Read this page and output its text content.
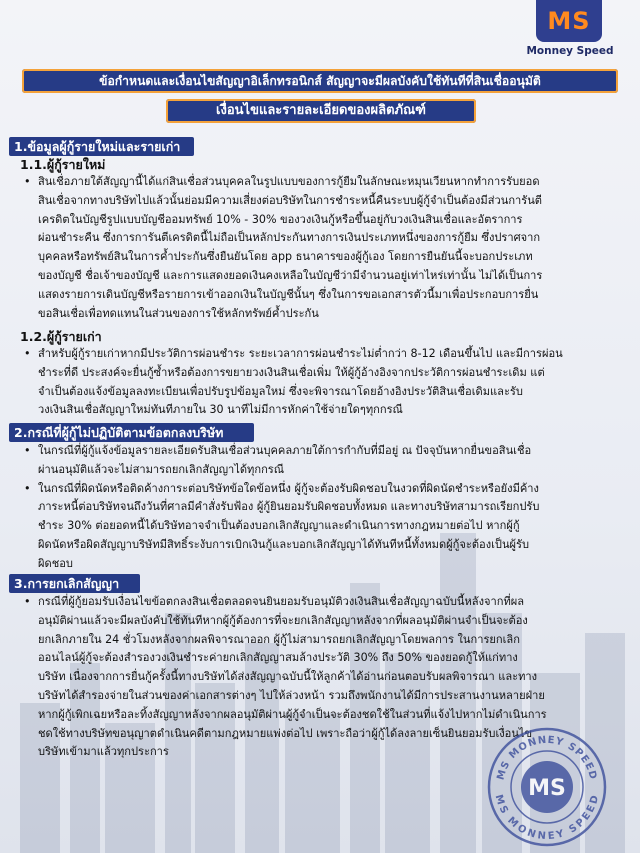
MS
Monney Speed
ข้อกำหนดและเงื่อนไขสัญญาอิเล็กทรอนิกส์ สัญญาจะมีผลบังคับใช้ทันทีที่สินเชื่ออนุมัติ
เงื่อนไขและรายละเอียดของผลิตภัณฑ์
1.ข้อมูลผู้กู้รายใหม่และรายเก่า
1.1.ผู้กู้รายใหม่
• สินเชื่อภายใต้สัญญานี้ได้แก่สินเชื่อส่วนบุคคลในรูปแบบของการกู้ยืมในลักษณะหมุนเวียนหากทำการรับยอด
สินเชื่อจากทางบริษัทไปแล้วนั้นย่อมมีความเสี่ยงต่อบริษัทในการชำระหนี้คืนระบบผู้กู้จำเป็นต้องมีส่วนการันตี
เครดิตในบัญชีรูปแบบบัญชีออมทรัพย์ 10% - 30% ของวงเงินกู้หรือขึ้นอยู่กับวงเงินสินเชื่อและอัตราการ
ผ่อนชำระคืน ซึ่งการการันตีเครดิตนี้ไม่ถือเป็นหลักประกันทางการเงินประเภทหนึ่งของการกู้ยืม ซึ่งปราศจาก
บุคคลหรือทรัพย์สินในการค้ำประกันซึ่งยืนยันโดย app ธนาคารของผู้กู้เอง โดยการยืนยันนี้จะบอกประเภท
ของบัญชี ชื่อเจ้าของบัญชี และการแสดงยอดเงินคงเหลือในบัญชีว่ามีจำนวนอยู่เท่าไหร่เท่านั้น ไม่ได้เป็นการ
แสดงรายการเดินบัญชีหรือรายการเข้าออกเงินในบัญชีนั้นๆ ซึ่งในการขอเอกสารตัวนี้มาเพื่อประกอบการยื่น
ขอสินเชื่อเพื่อทดแทนในส่วนของการใช้หลักทรัพย์ค้ำประกัน
1.2.ผู้กู้รายเก่า
• สำหรับผู้กู้รายเก่าหากมีประวัติการผ่อนชำระ ระยะเวลาการผ่อนชำระไม่ต่ำกว่า 8-12 เดือนขึ้นไป และมีการผ่อน
ชำระที่ดี ประสงค์จะยื่นกู้ซ้ำหรือต้องการขยายวงเงินสินเชื่อเพิ่ม ให้ผู้กู้อ้างอิงจากประวัติการผ่อนชำระเดิม แต่
จำเป็นต้องแจ้งข้อมูลลงทะเบียนเพื่อปรับรูปข้อมูลใหม่ ซึ่งจะพิจารณาโดยอ้างอิงประวัติสินเชื่อเดิมและรับ
วงเงินสินเชื่อสัญญาใหม่ทันทีภายใน 30 นาทีไม่มีการหักค่าใช้จ่ายใดๆทุกกรณี
2.กรณีที่ผู้กู้ไม่ปฏิบัติตามข้อตกลงบริษัท
• ในกรณีที่ผู้กู้แจ้งข้อมูลรายละเอียดรับสินเชื่อส่วนบุคคลภายใต้การกำกับที่มีอยู่ ณ ปัจจุบันหากยื่นขอสินเชื่อ
ผ่านอนุมัติแล้วจะไม่สามารถยกเลิกสัญญาได้ทุกกรณี
• ในกรณีที่ผิดนัดหรือติดค้างการะต่อบริษัทข้อใดข้อหนึ่ง ผู้กู้จะต้องรับผิดชอบในงวดที่ผิดนัดชำระหรือยังมีค้าง
ภาระหนี้ต่อบริษัทจนถึงวันที่ศาลมีคำสั่งรับฟ้อง ผู้กู้ยินยอมรับผิดชอบทั้งหมด และทางบริษัทสามารถเรียกปรับ
ชำระ 30% ต่อยอดหนี้ได้บริษัทอาจจำเป็นต้องบอกเลิกสัญญาและดำเนินการทางกฎหมายต่อไป หากผู้กู้
ผิดนัดหรือผิดสัญญาบริษัทมีสิทธิ์ระงับการเบิกเงินกู้และบอกเลิกสัญญาได้ทันทีหนี้ทั้งหมดผู้กู้จะต้องเป็นผู้รับ
ผิดชอบ
3.การยกเลิกสัญญา
• กรณีที่ผู้กู้ยอมรับเงื่อนไขข้อตกลงสินเชื่อตลอดจนยินยอมรับอนุมัติวงเงินสินเชื่อสัญญาฉบับนี้หลังจากที่ผล
อนุมัติผ่านแล้วจะมีผลบังคับใช้ทันทีหากผู้กู้ต้องการที่จะยกเลิกสัญญาหลังจากที่ผลอนุมัติผ่านจำเป็นจะต้อง
ยกเลิกภายใน 24 ชั่วโมงหลังจากผลพิจารณาออก ผู้กู้ไม่สามารถยกเลิกสัญญาโดยพลการ ในการยกเลิก
ออนไลน์ผู้กู้จะต้องสำรองวงเงินชำระค่ายกเลิกสัญญาสมล้างประวัติ 30% ถึง 50% ของยอดกู้ให้แก่ทาง
บริษัท เนื่องจากการยื่นกู้ครั้งนี้ทางบริษัทได้ส่งสัญญาฉบับนี้ให้ลูกค้าได้อ่านก่อนตอบรับผลพิจารณา และทาง
บริษัทได้สำรองจ่ายในส่วนของค่าเอกสารต่างๆ ไปให้ล่วงหน้า รวมถึงพนักงานได้มีการประสานงานหลายฝ่าย
หากผู้กู้เพิกเฉยหรือละทิ้งสัญญาหลังจากผลอนุมัติผ่านผู้กู้จำเป็นจะต้องชดใช้ในส่วนที่แจ้งไปหากไม่ดำเนินการ
ชดใช้ทางบริษัทขอนุญาตดำเนินคดีตามกฎหมายแพ่งต่อไป เพราะถือว่าผู้กู้ได้ลงลายเซ็นยินยอมรับเงื่อนไข
บริษัทเข้ามาแล้วทุกประการ
MS
MS MONNEY SPEED
MS MONNEY SPEED
